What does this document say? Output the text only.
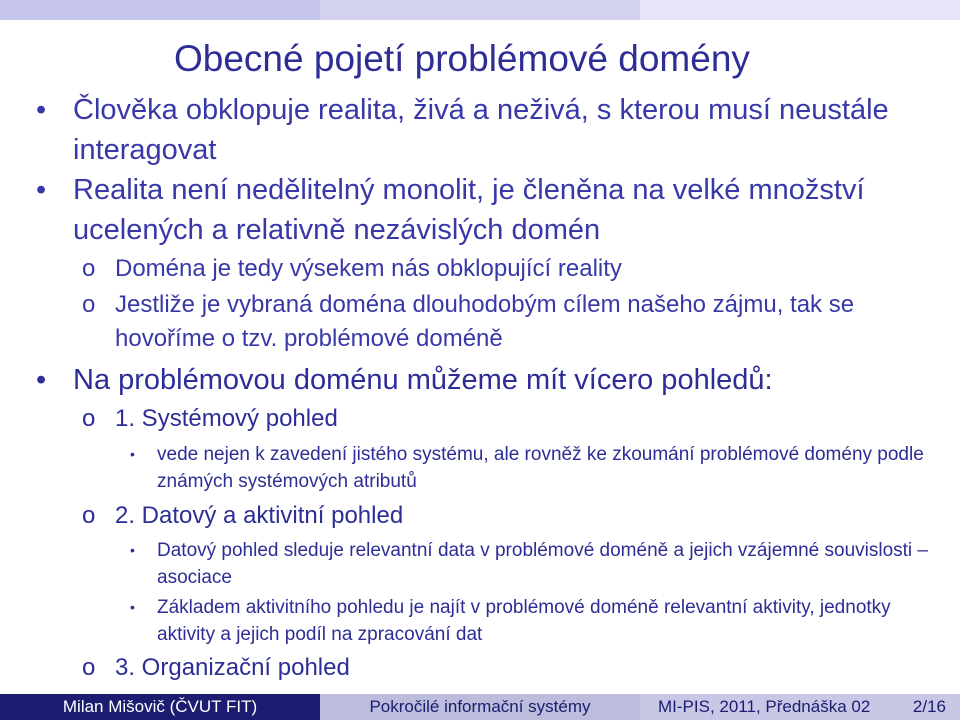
Obecné pojetí problémové domény
• Člověka obklopuje realita, živá a neživá, s kterou musí neustále interagovat
• Realita není nedělitelný monolit, je členěna na velké množství ucelených a relativně nezávislých domén
o Doména je tedy výsekem nás obklopující reality
o Jestliže je vybraná doména dlouhodobým cílem našeho zájmu, tak se hovoříme o tzv. problémové doméně
• Na problémovou doménu můžeme mít vícero pohledů:
o 1. Systémový pohled
• vede nejen k zavedení jistého systému, ale rovněž ke zkoumání problémové domény podle známých systémových atributů
o 2. Datový a aktivitní pohled
• Datový pohled sleduje relevantní data v problémové doméně a jejich vzájemné souvislosti – asociace
• Základem aktivitního pohledu je najít v problémové doméně relevantní aktivity, jednotky aktivity a jejich podíl na zpracování dat
o 3. Organizační pohled
Milan Mišovič (ČVUT FIT)	Pokročilé informační systémy	MI-PIS, 2011, Přednáška 02	2/16
